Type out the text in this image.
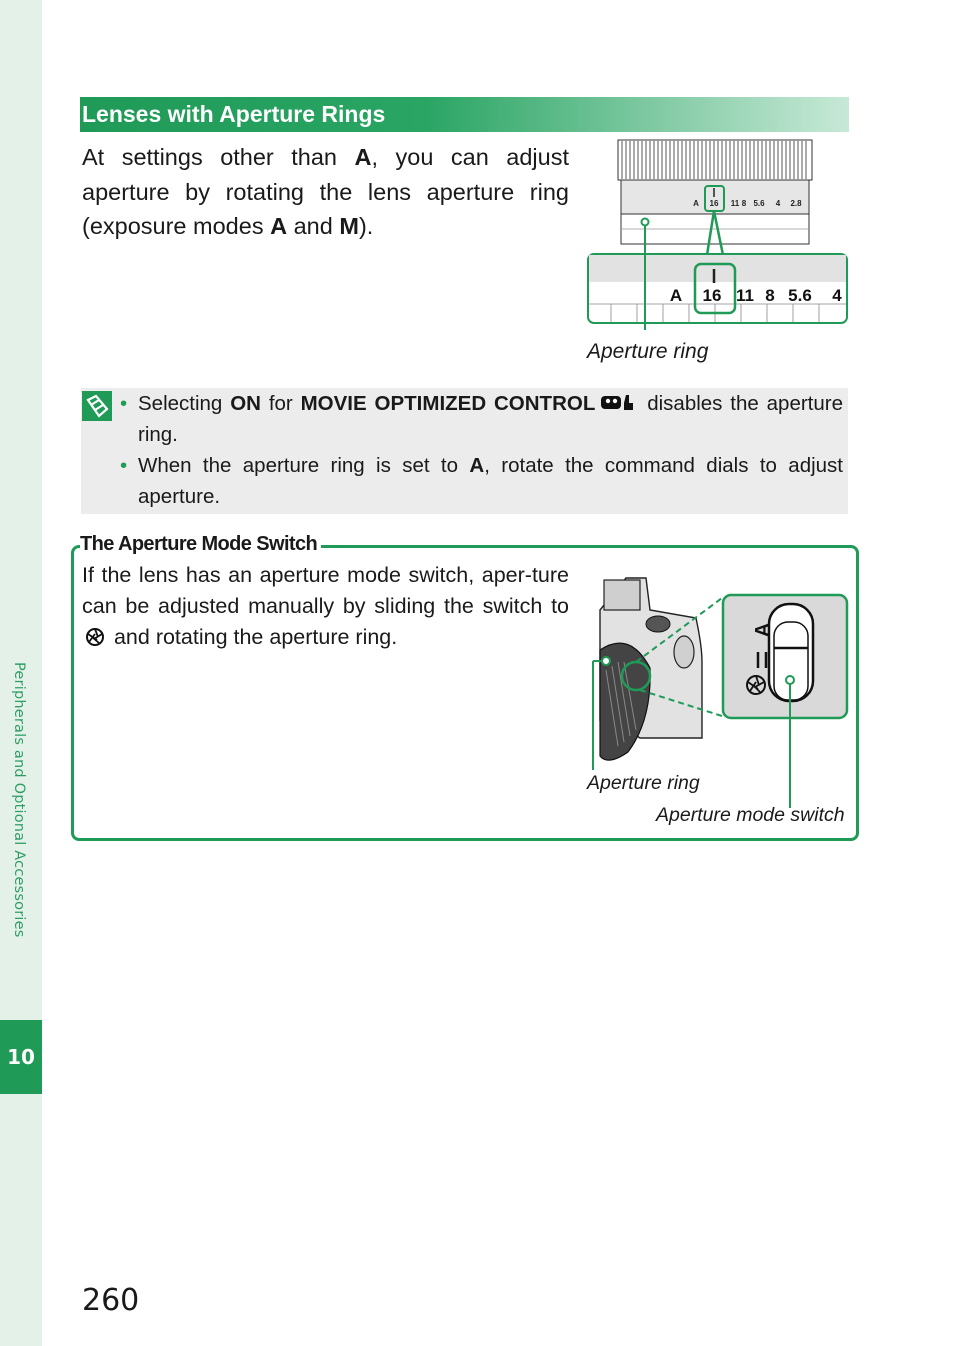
Peripherals and Optional Accessories
10
Lenses with Aperture Rings
At settings other than A, you can adjust aperture by rotating the lens aperture ring (exposure modes A and M).
A 16 11 8 5.6 4 2.8
A 16 11 8 5.6 4
Aperture ring
• Selecting ON for MOVIE OPTIMIZED CONTROL disables the aperture ring.
• When the aperture ring is set to A, rotate the command dials to adjust aperture.
The Aperture Mode Switch
If the lens has an aperture mode switch, aper-ture can be adjusted manually by sliding the switch to  and rotating the aperture ring.	A
Aperture ring
Aperture mode switch
260
